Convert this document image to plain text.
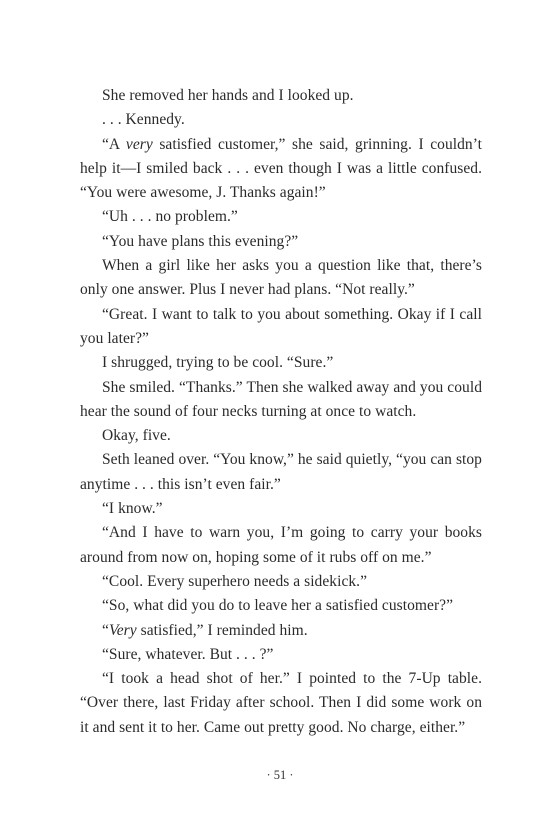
She removed her hands and I looked up.

. . . Kennedy.

“A very satisfied customer,” she said, grinning. I couldn’t help it—I smiled back . . . even though I was a little confused. “You were awesome, J. Thanks again!”

“Uh . . . no problem.”

“You have plans this evening?”

When a girl like her asks you a question like that, there’s only one answer. Plus I never had plans. “Not really.”

“Great. I want to talk to you about something. Okay if I call you later?”

I shrugged, trying to be cool. “Sure.”

She smiled. “Thanks.” Then she walked away and you could hear the sound of four necks turning at once to watch.

Okay, five.

Seth leaned over. “You know,” he said quietly, “you can stop anytime . . . this isn’t even fair.”

“I know.”

“And I have to warn you, I’m going to carry your books around from now on, hoping some of it rubs off on me.”

“Cool. Every superhero needs a sidekick.”

“So, what did you do to leave her a satisfied customer?”

“Very satisfied,” I reminded him.

“Sure, whatever. But . . . ?”

“I took a head shot of her.” I pointed to the 7-Up table. “Over there, last Friday after school. Then I did some work on it and sent it to her. Came out pretty good. No charge, either.”

· 51 ·
